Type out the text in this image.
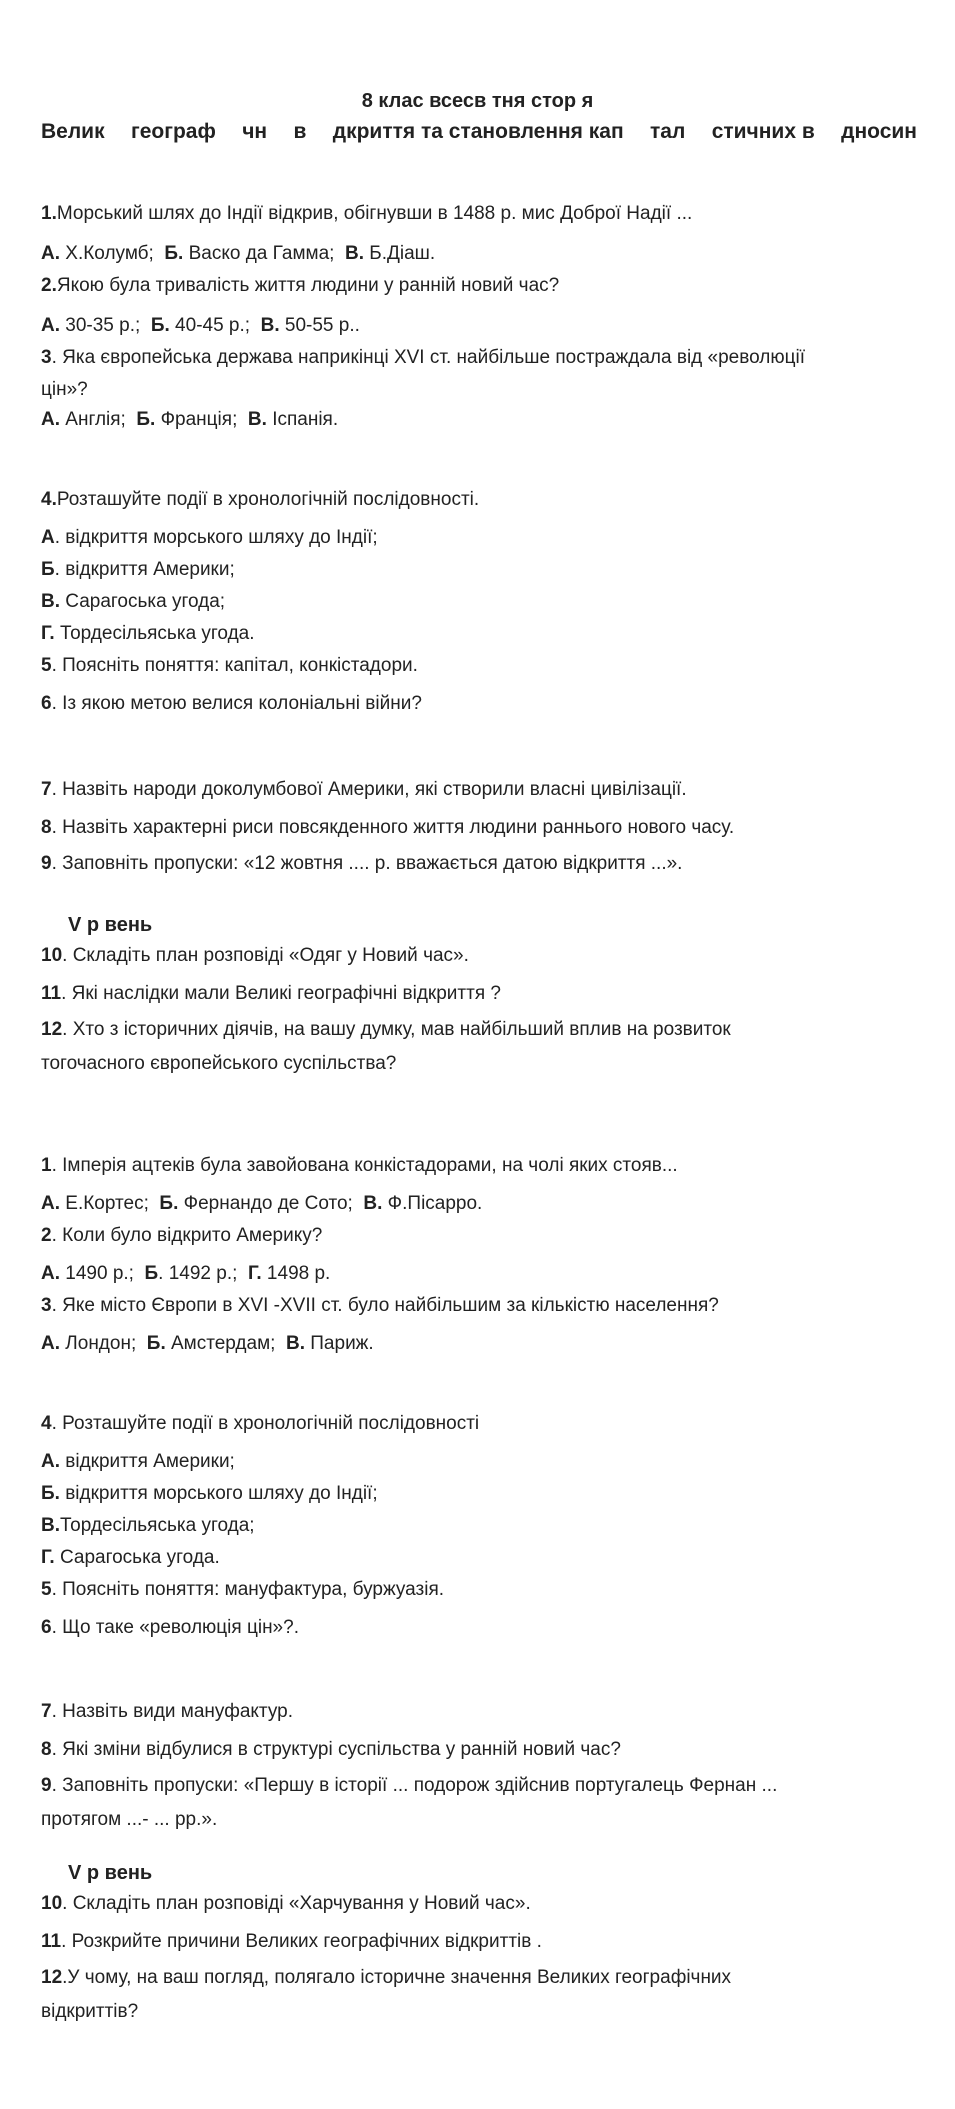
8 клас всесв тня стор я
Велик географ чн в дкриття та становлення кап тал стичних в дносин
1.Морський шлях до Індії відкрив, обігнувши в 1488 р. мис Доброї Надії ...
А. Х.Колумб;  Б. Васко да Гамма;  В. Б.Діаш.
2.Якою була тривалість життя людини у ранній новий час?
А. 30-35 р.;  Б. 40-45 р.;  В. 50-55 р..
3. Яка європейська держава наприкінці XVI ст. найбільше постраждала від «революції
цін»?
А. Англія;  Б. Франція;  В. Іспанія.
4.Розташуйте події в хронологічній послідовності.
А. відкриття морського шляху до Індії;
Б. відкриття Америки;
В. Сарагоська угода;
Г. Тордесільяська угода.
5. Поясніть поняття: капітал, конкістадори.
6. Із якою метою велися колоніальні війни?
7. Назвіть народи доколумбової Америки, які створили власні цивілізації.
8. Назвіть характерні риси повсякденного життя людини раннього нового часу.
9. Заповніть пропуски: «12 жовтня .... р. вважається датою відкриття ...».
V р вень
10. Складіть план розповіді «Одяг у Новий час».
11. Які наслідки мали Великі географічні відкриття ?
12. Хто з історичних діячів, на вашу думку, мав найбільший вплив на розвиток
тогочасного європейського суспільства?
1. Імперія ацтеків була завойована конкістадорами, на чолі яких стояв...
А. Е.Кортес;  Б. Фернандо де Сото;  В. Ф.Пісарро.
2. Коли було відкрито Америку?
А. 1490 р.;  Б. 1492 р.;  Г. 1498 р.
3. Яке місто Європи в XVI -XVII ст. було найбільшим за кількістю населення?
А. Лондон;  Б. Амстердам;  В. Париж.
4. Розташуйте події в хронологічній послідовності
А. відкриття Америки;
Б. відкриття морського шляху до Індії;
В.Тордесільяська угода;
Г. Сарагоська угода.
5. Поясніть поняття: мануфактура, буржуазія.
6. Що таке «революція цін»?.
7. Назвіть види мануфактур.
8. Які зміни відбулися в структурі суспільства у ранній новий час?
9. Заповніть пропуски: «Першу в історії ... подорож здійснив португалець Фернан ...
протягом ...- ... рр.».
V р вень
10. Складіть план розповіді «Харчування у Новий час».
11. Розкрийте причини Великих географічних відкриттів .
12.У чому, на ваш погляд, полягало історичне значення Великих географічних
відкриттів?
